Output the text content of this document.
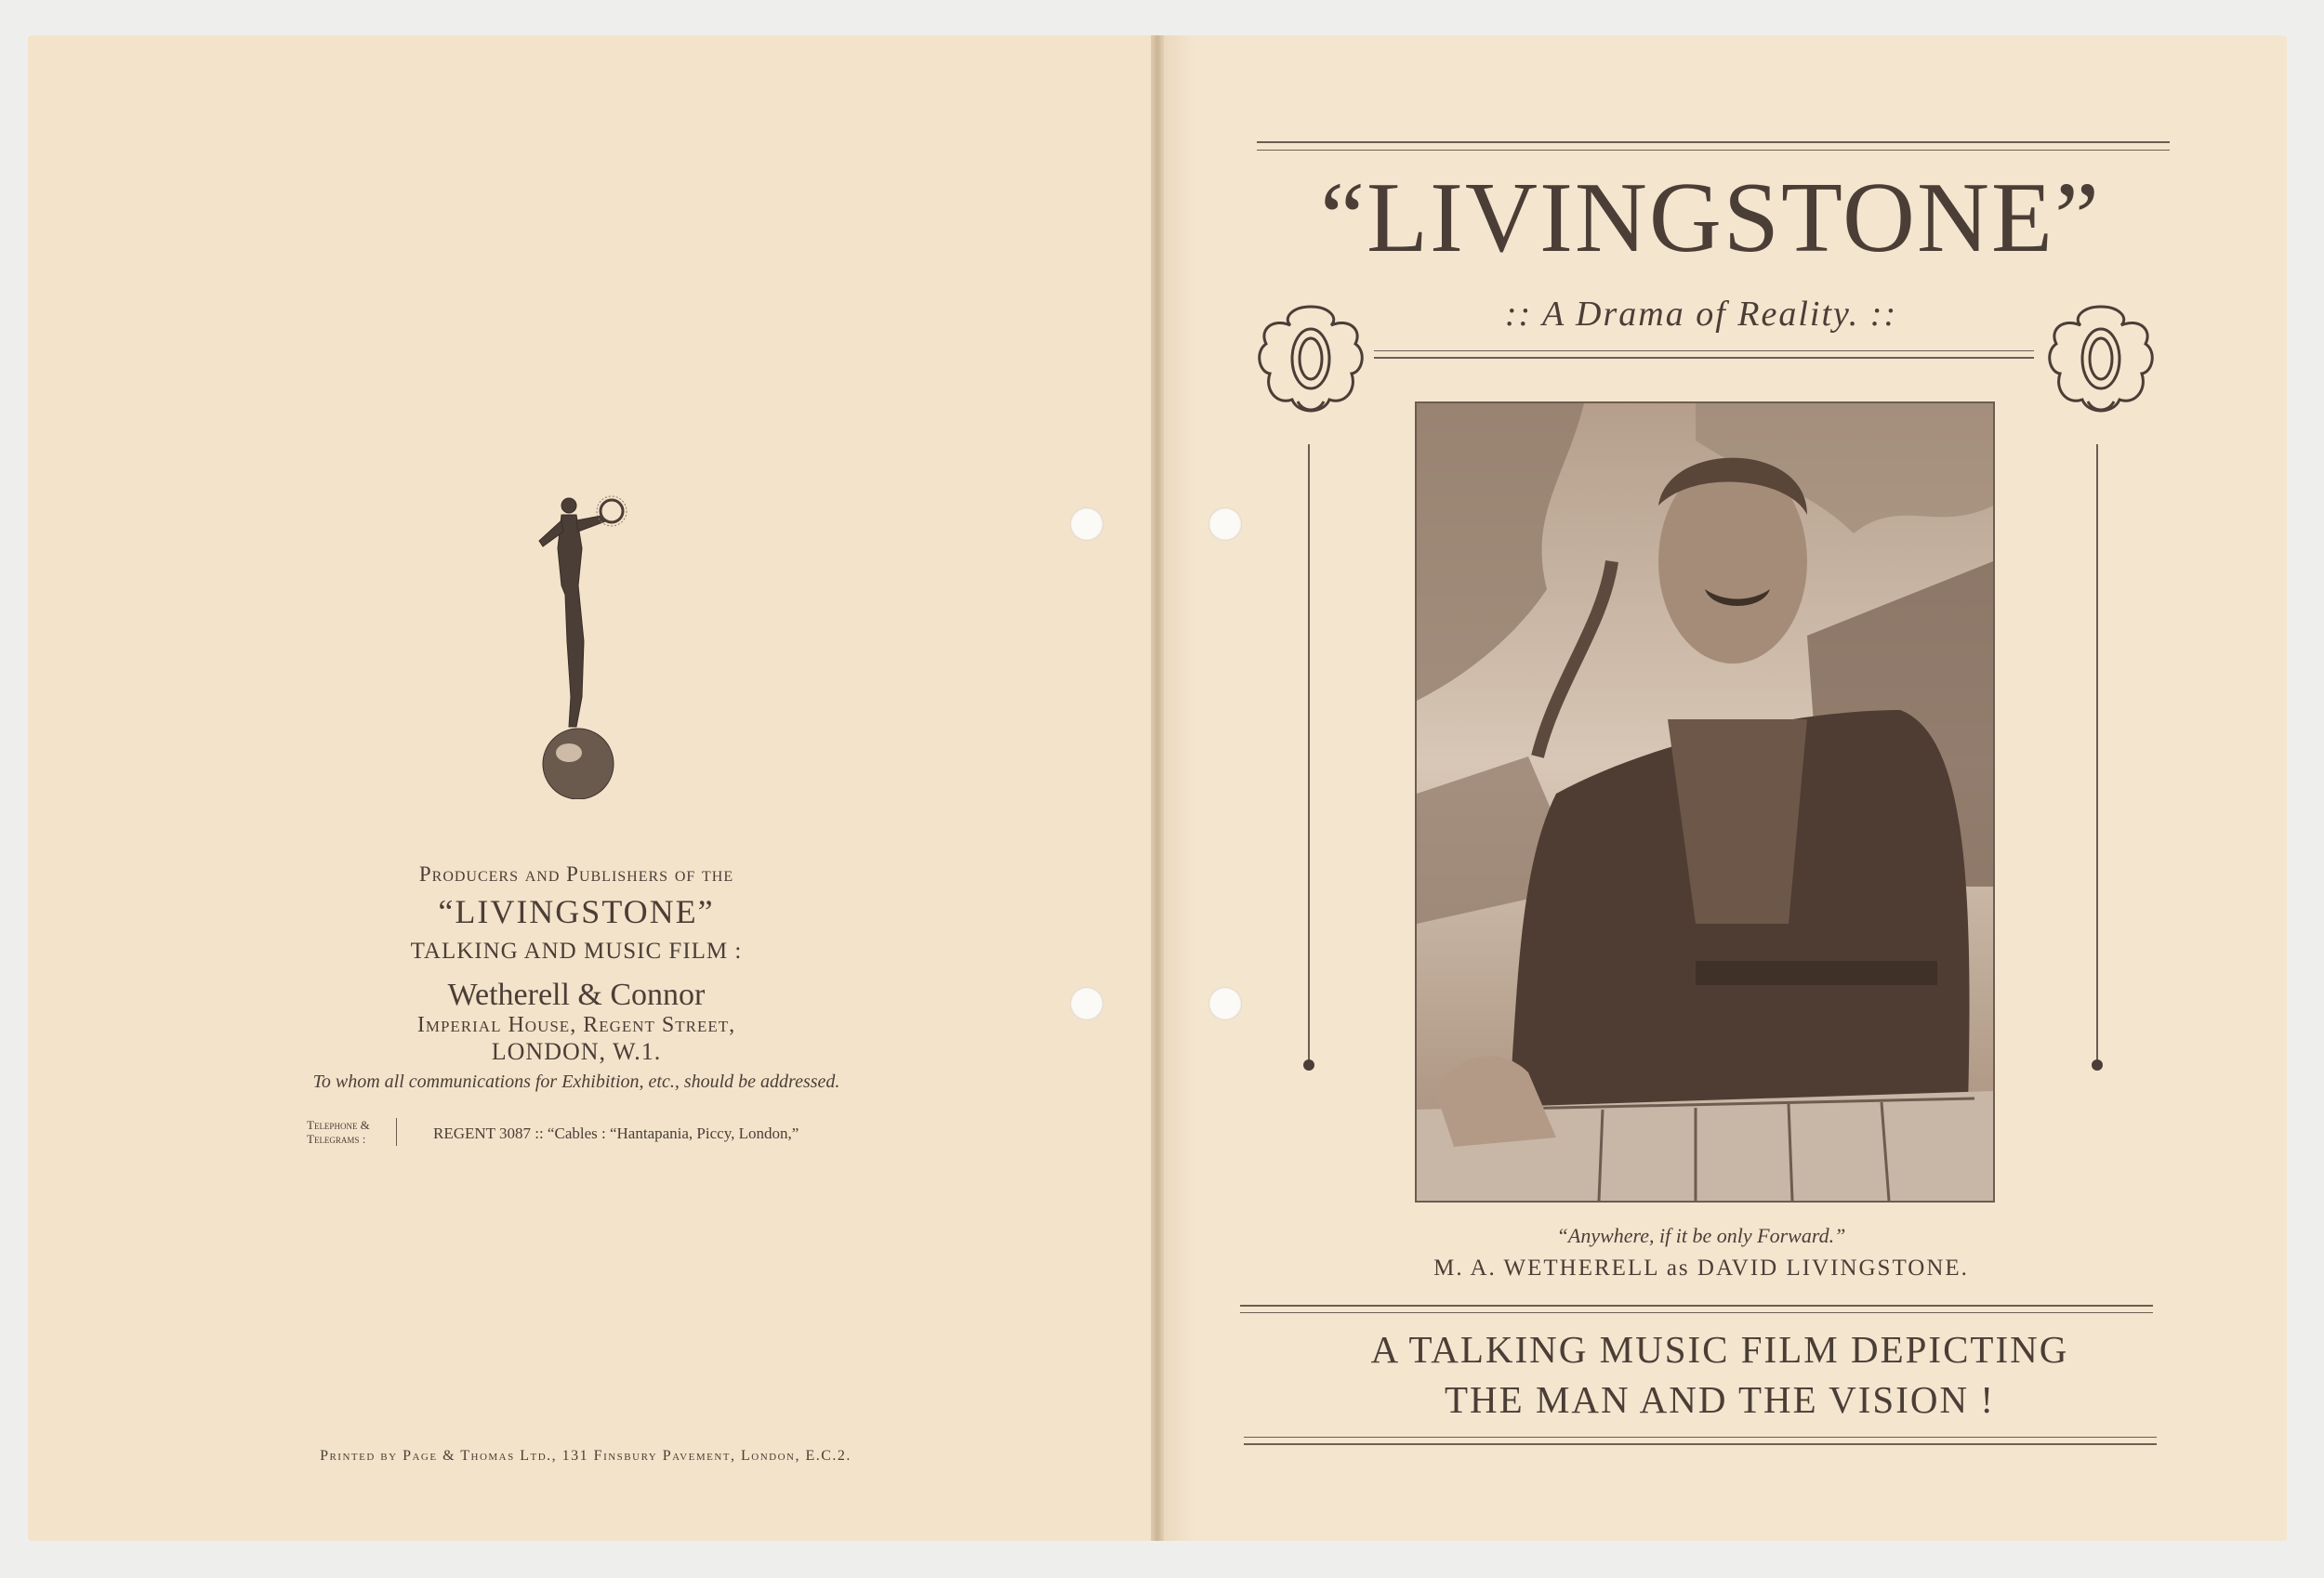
Producers and Publishers of the
“LIVINGSTONE”
TALKING AND MUSIC FILM :
Wetherell & Connor
Imperial House, Regent Street,
LONDON, W.1.
To whom all communications for Exhibition, etc., should be addressed.
Telephone & Telegrams :	REGENT 3087 :: “Cables : “Hantapania, Piccy, London,”
Printed by Page & Thomas Ltd., 131 Finsbury Pavement, London, E.C.2.
“LIVINGSTONE”
:: A Drama of Reality. ::
“Anywhere, if it be only Forward.”
M. A. WETHERELL as DAVID LIVINGSTONE.
A TALKING MUSIC FILM DEPICTING
THE MAN AND THE VISION !
